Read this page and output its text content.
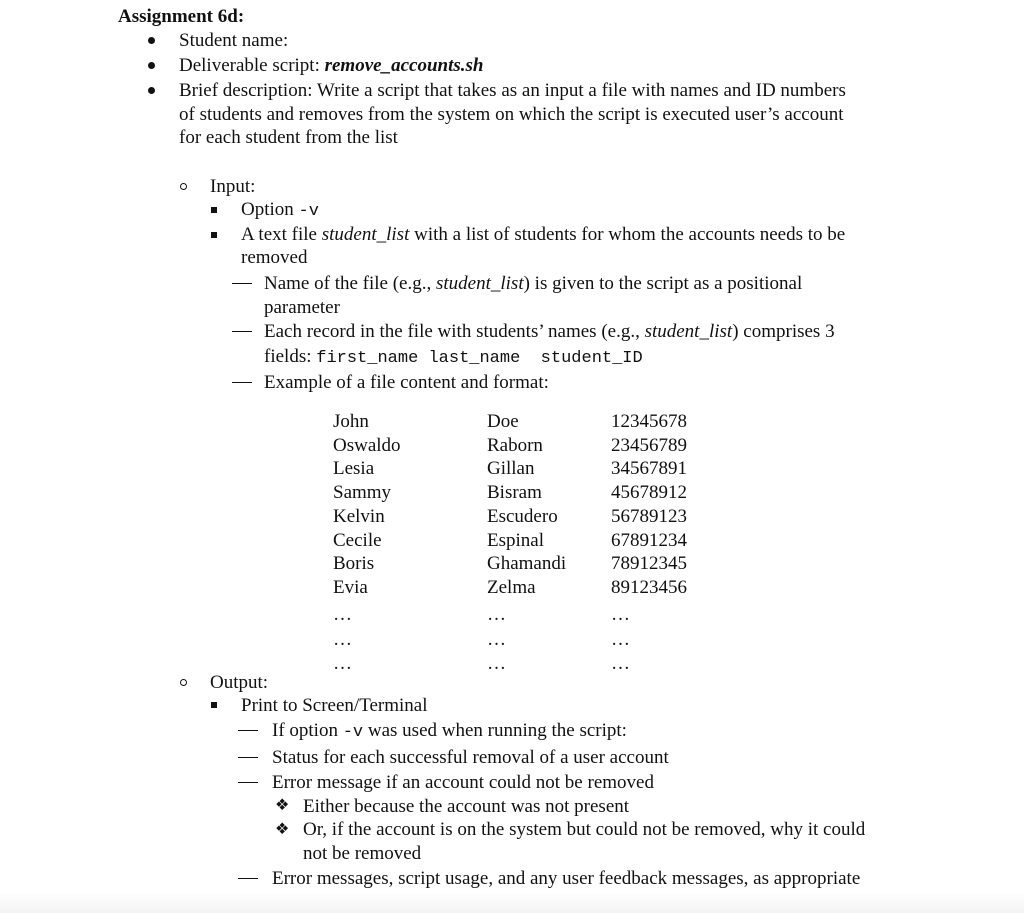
Assignment 6d:
Student name:
Deliverable script: remove_accounts.sh
Brief description: Write a script that takes as an input a file with names and ID numbers
of students and removes from the system on which the script is executed user’s account
for each student from the list
Input:
Option -v
A text file student_list with a list of students for whom the accounts needs to be
removed
Name of the file (e.g., student_list) is given to the script as a positional
parameter
Each record in the file with students’ names (e.g., student_list) comprises 3
fields: first_name last_name  student_ID
Example of a file content and format:
John	Doe	12345678
Oswaldo	Raborn	23456789
Lesia	Gillan	34567891
Sammy	Bisram	45678912
Kelvin	Escudero	56789123
Cecile	Espinal	67891234
Boris	Ghamandi 78912345
Evia	Zelma	89123456
…	…	…
…	…	…
…	…	…
Output:
Print to Screen/Terminal
If option -v was used when running the script:
Status for each successful removal of a user account
Error message if an account could not be removed
❖ Either because the account was not present
❖ Or, if the account is on the system but could not be removed, why it could
not be removed
Error messages, script usage, and any user feedback messages, as appropriate
